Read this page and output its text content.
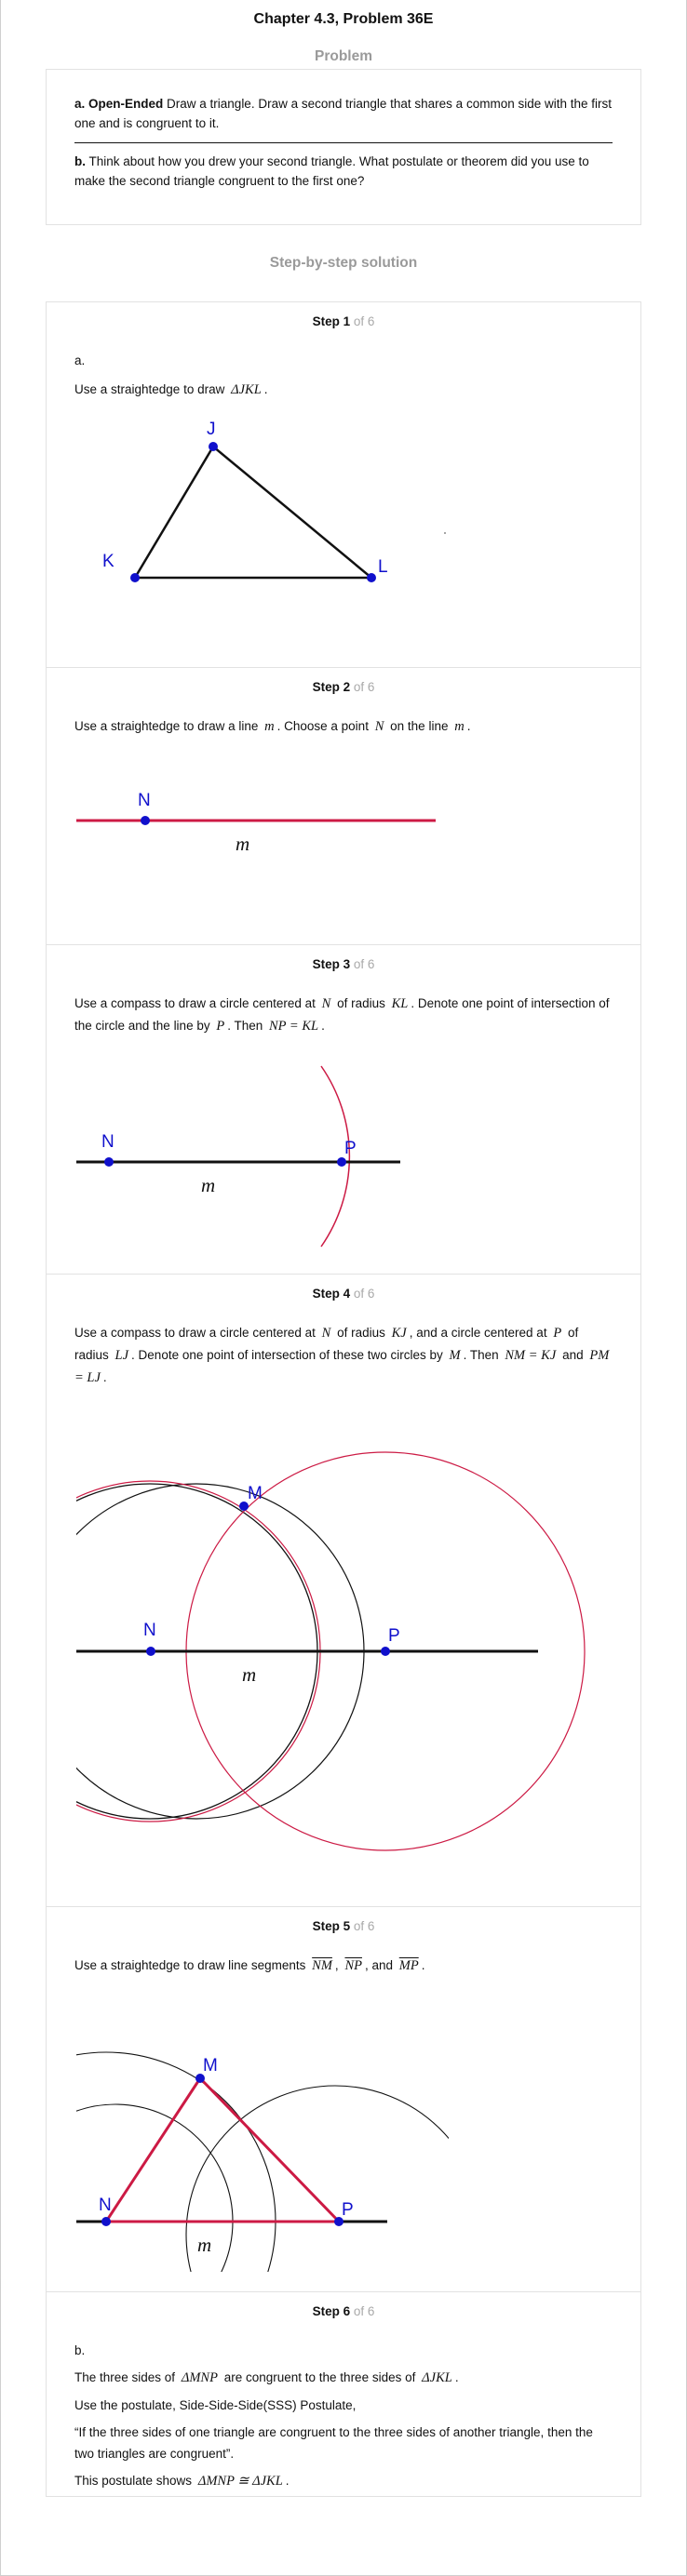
Chapter 4.3, Problem 36E
Problem
a. Open-Ended Draw a triangle. Draw a second triangle that shares a common side with the first one and is congruent to it.
b. Think about how you drew your second triangle. What postulate or theorem did you use to make the second triangle congruent to the first one?
Step-by-step solution
Step 1 of 6
a.
Use a straightedge to draw ΔJKL .
J
K	L
Step 2 of 6
Use a straightedge to draw a line m . Choose a point N on the line m .
N
m
Step 3 of 6
Use a compass to draw a circle centered at N of radius KL . Denote one point of intersection of the circle and the line by P . Then NP = KL .
N	P
m
Step 4 of 6
Use a compass to draw a circle centered at N of radius KJ , and a circle centered at P of radius LJ . Denote one point of intersection of these two circles by M . Then NM = KJ and PM = LJ .
N	P
M
m
Step 5 of 6
Use a straightedge to draw line segments $\overline{NM}$ , $\overline{NP}$ , and $\overline{MP}$ .
M
N	P
m
Step 6 of 6
b.
The three sides of ΔMNP are congruent to the three sides of ΔJKL .
Use the postulate, Side-Side-Side(SSS) Postulate,
“If the three sides of one triangle are congruent to the three sides of another triangle, then the two triangles are congruent”.
This postulate shows ΔMNP ≅ ΔJKL .
